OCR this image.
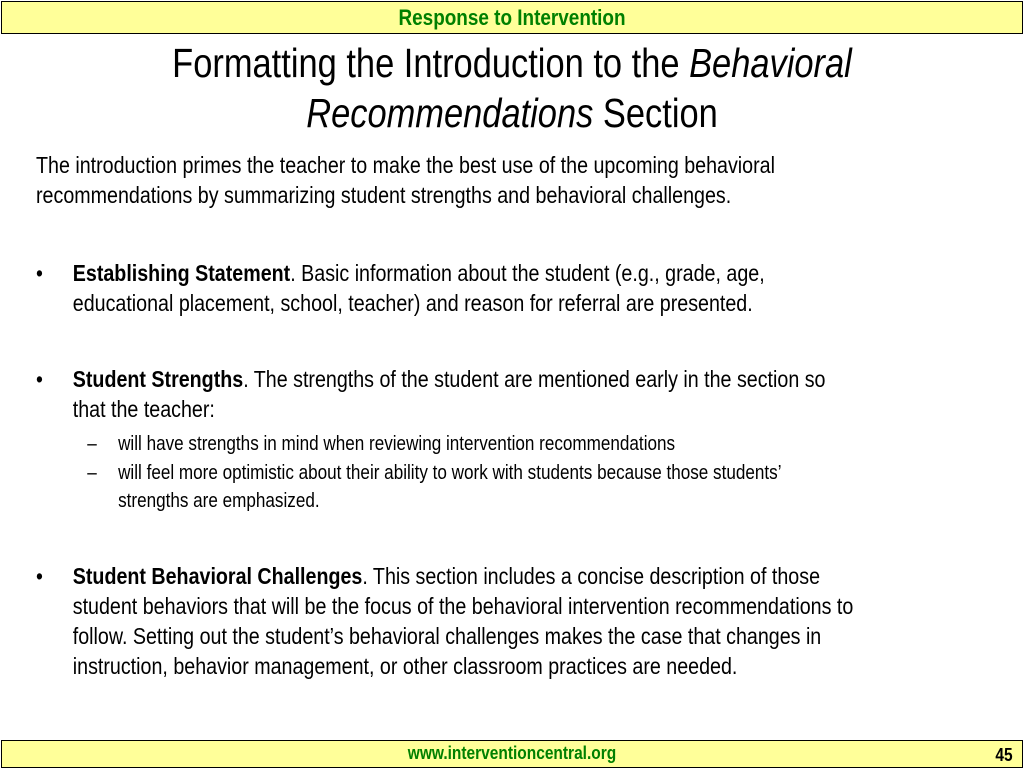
Response to Intervention
Formatting the Introduction to the Behavioral
Recommendations Section
The introduction primes the teacher to make the best use of the upcoming behavioral
recommendations by summarizing student strengths and behavioral challenges.
• Establishing Statement. Basic information about the student (e.g., grade, age,
educational placement, school, teacher) and reason for referral are presented.
• Student Strengths. The strengths of the student are mentioned early in the section so
that the teacher:
– will have strengths in mind when reviewing intervention recommendations
– will feel more optimistic about their ability to work with students because those students’
strengths are emphasized.
• Student Behavioral Challenges. This section includes a concise description of those
student behaviors that will be the focus of the behavioral intervention recommendations to
follow. Setting out the student’s behavioral challenges makes the case that changes in
instruction, behavior management, or other classroom practices are needed.
www.interventioncentral.org	45
